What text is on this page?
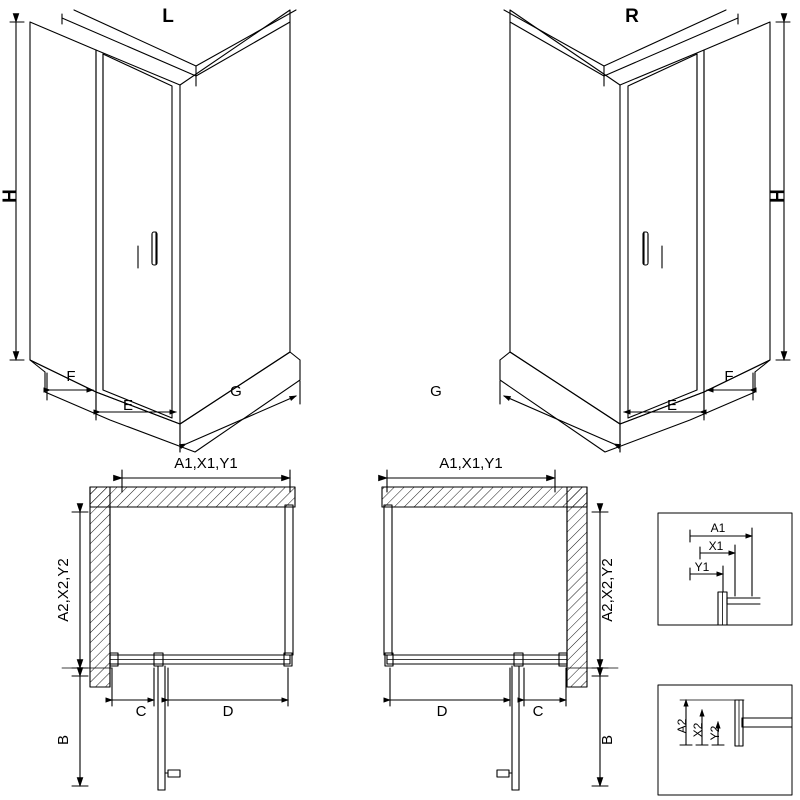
L	R
H	H
F
E
G
F
E
G
A1,X1,Y1	A1,X1,Y1
A2,X2,Y2	A2,X2,Y2
B	B
C	D	D	C
A1
X1
Y1
A2 X2 Y2
